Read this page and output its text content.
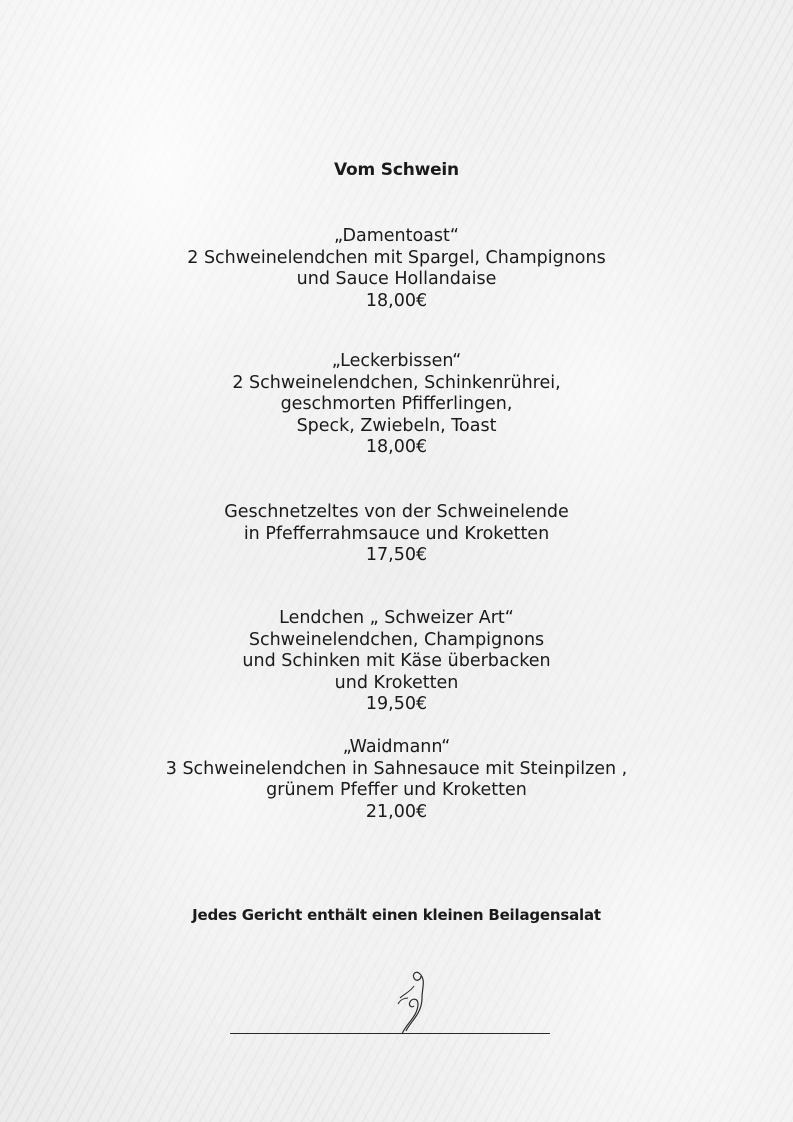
Vom Schwein

„Damentoast“

2 Schweinelendchen mit Spargel, Champignons

und Sauce Hollandaise

18,00€

„Leckerbissen“

2 Schweinelendchen, Schinkenrührei,

geschmorten Pfifferlingen,

Speck, Zwiebeln, Toast

18,00€

Geschnetzeltes von der Schweinelende

in Pfefferrahmsauce und Kroketten

17,50€

Lendchen „ Schweizer Art“

Schweinelendchen, Champignons

und Schinken mit Käse überbacken

und Kroketten

19,50€

„Waidmann“

3 Schweinelendchen in Sahnesauce mit Steinpilzen ,

grünem Pfeffer und Kroketten

21,00€

Jedes Gericht enthält einen kleinen Beilagensalat
